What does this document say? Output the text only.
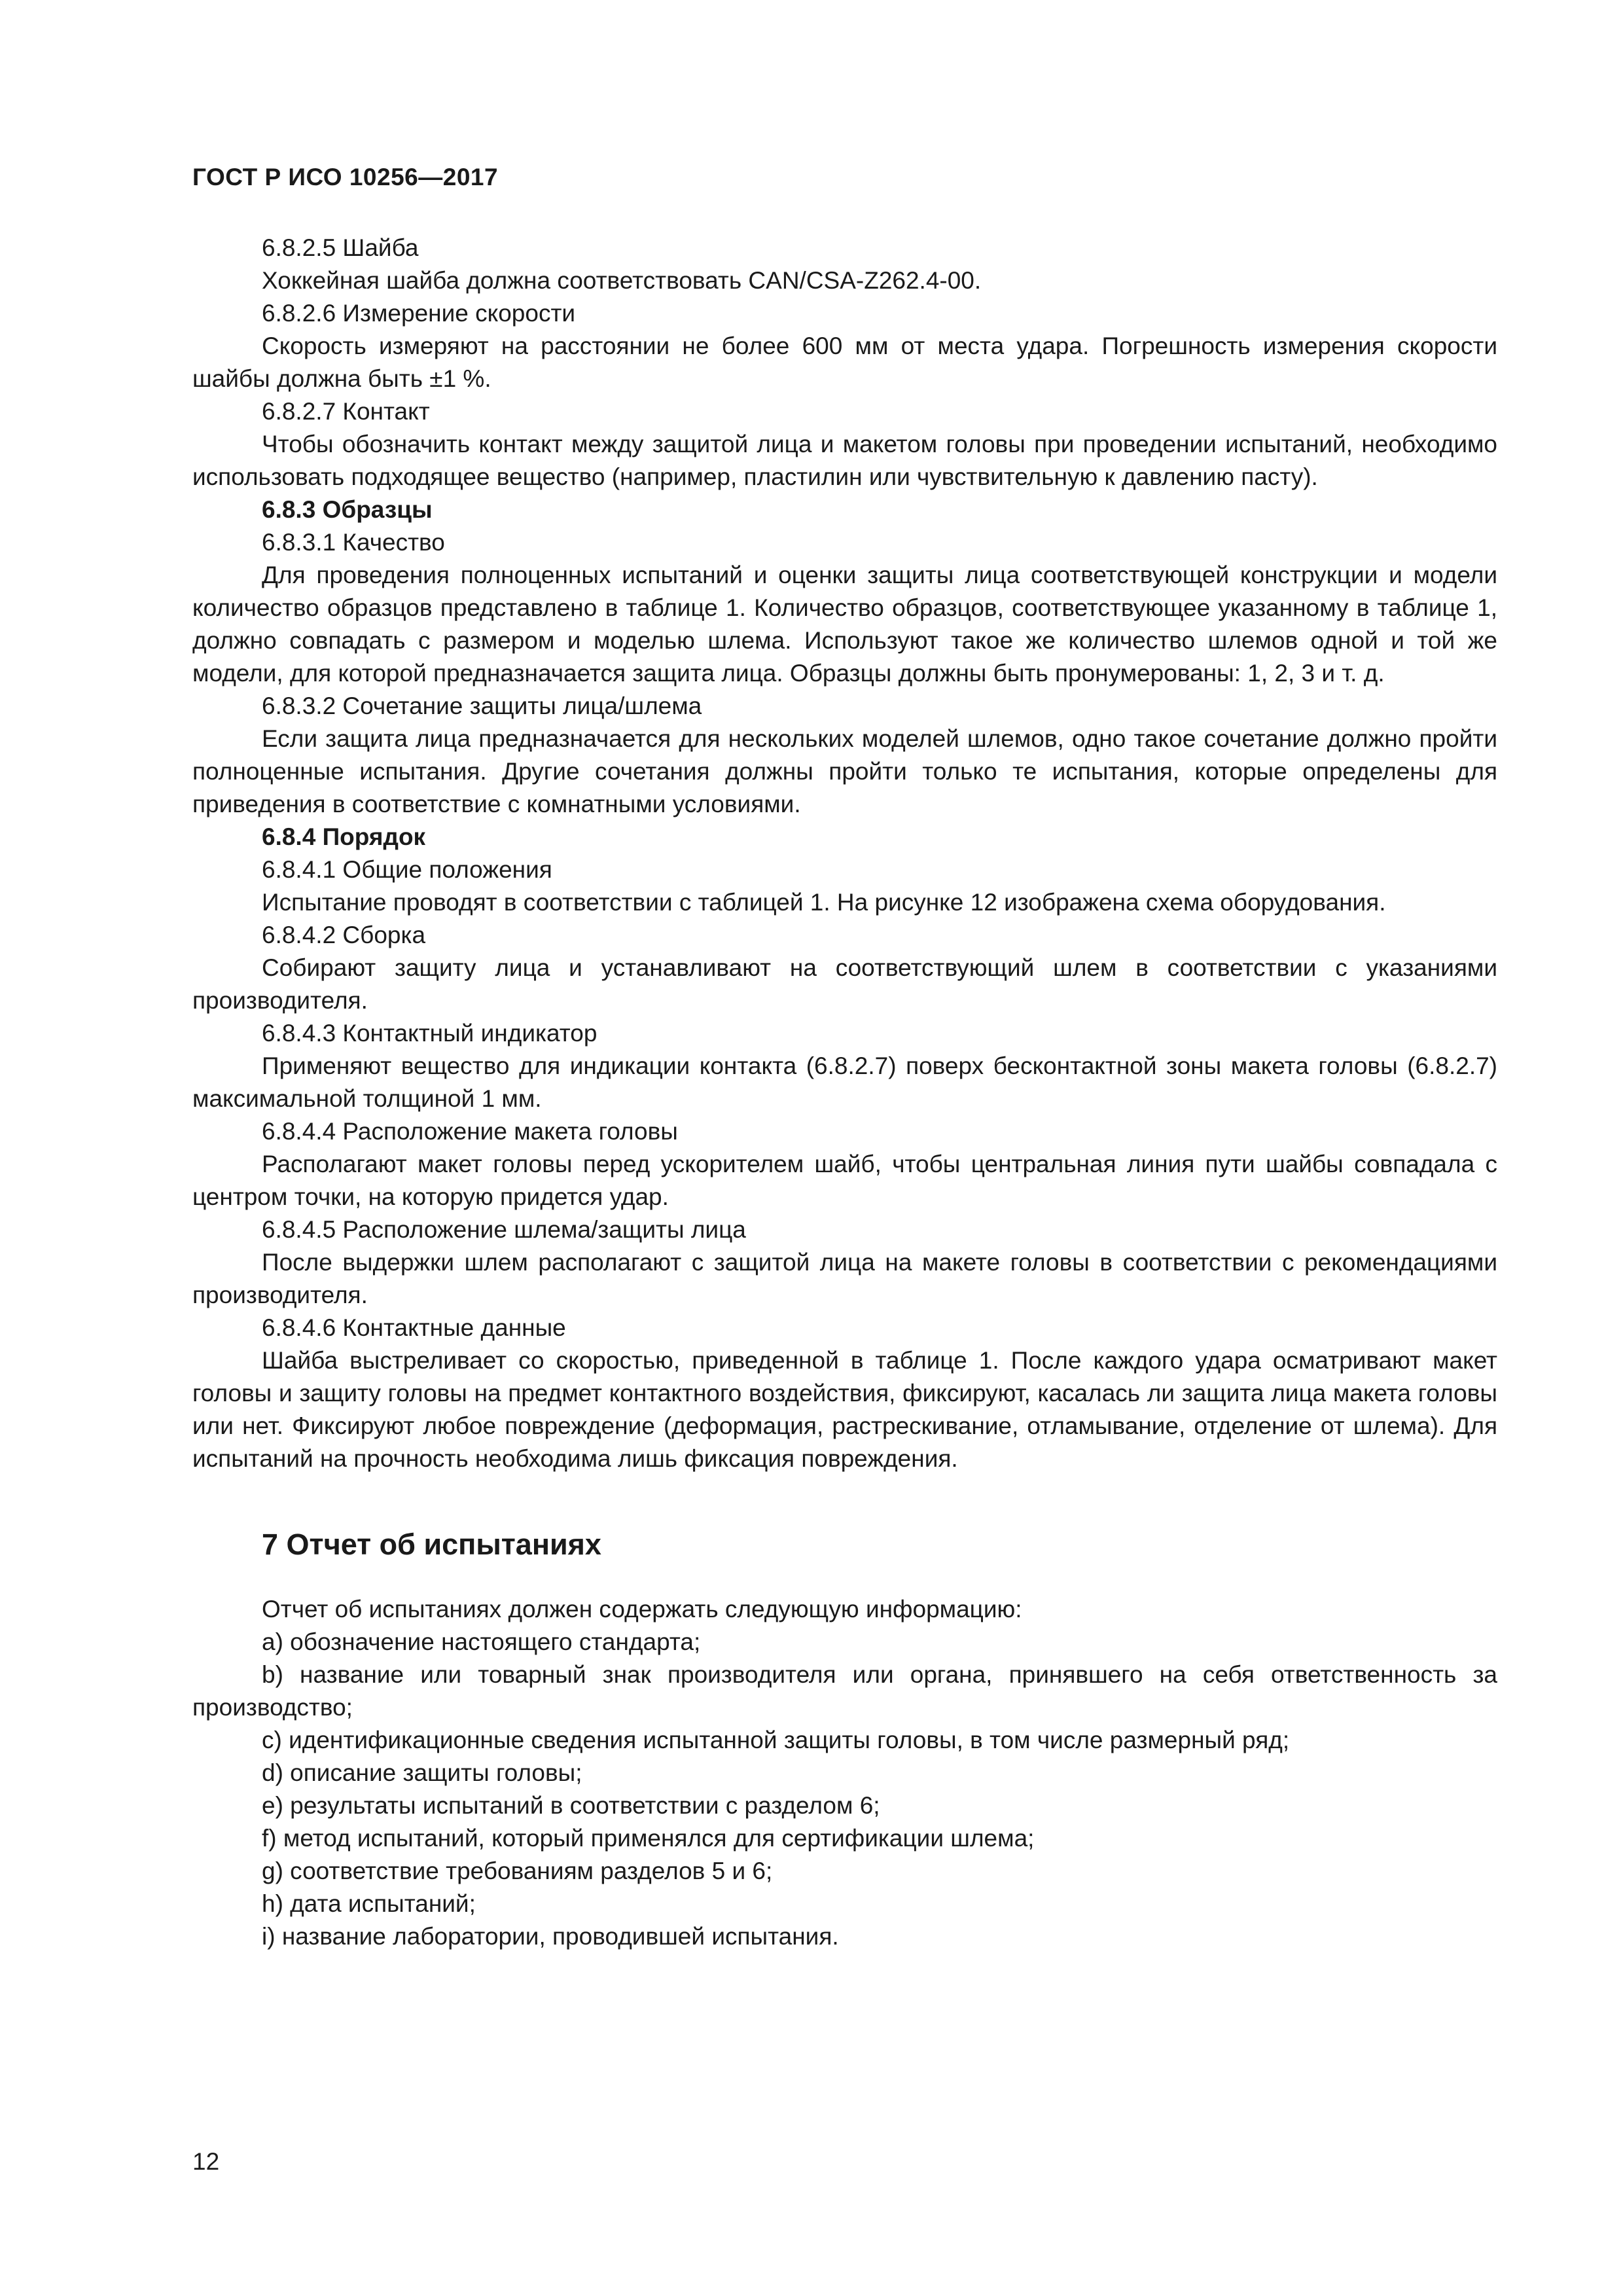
ГОСТ Р ИСО 10256—2017

6.8.2.5 Шайба

Хоккейная шайба должна соответствовать CAN/CSA-Z262.4-00.

6.8.2.6 Измерение скорости

Скорость измеряют на расстоянии не более 600 мм от места удара. Погрешность измерения скорости шайбы должна быть ±1 %.

6.8.2.7 Контакт

Чтобы обозначить контакт между защитой лица и макетом головы при проведении испытаний, необходимо использовать подходящее вещество (например, пластилин или чувствительную к давлению пасту).

6.8.3 Образцы

6.8.3.1 Качество

Для проведения полноценных испытаний и оценки защиты лица соответствующей конструкции и модели количество образцов представлено в таблице 1. Количество образцов, соответствующее указанному в таблице 1, должно совпадать с размером и моделью шлема. Используют такое же количество шлемов одной и той же модели, для которой предназначается защита лица. Образцы должны быть пронумерованы: 1, 2, 3 и т. д.

6.8.3.2 Сочетание защиты лица/шлема

Если защита лица предназначается для нескольких моделей шлемов, одно такое сочетание должно пройти полноценные испытания. Другие сочетания должны пройти только те испытания, которые определены для приведения в соответствие с комнатными условиями.

6.8.4 Порядок

6.8.4.1 Общие положения

Испытание проводят в соответствии с таблицей 1. На рисунке 12 изображена схема оборудования.

6.8.4.2 Сборка

Собирают защиту лица и устанавливают на соответствующий шлем в соответствии с указаниями производителя.

6.8.4.3 Контактный индикатор

Применяют вещество для индикации контакта (6.8.2.7) поверх бесконтактной зоны макета головы (6.8.2.7) максимальной толщиной 1 мм.

6.8.4.4 Расположение макета головы

Располагают макет головы перед ускорителем шайб, чтобы центральная линия пути шайбы совпадала с центром точки, на которую придется удар.

6.8.4.5 Расположение шлема/защиты лица

После выдержки шлем располагают с защитой лица на макете головы в соответствии с рекомендациями производителя.

6.8.4.6 Контактные данные

Шайба выстреливает со скоростью, приведенной в таблице 1. После каждого удара осматривают макет головы и защиту головы на предмет контактного воздействия, фиксируют, касалась ли защита лица макета головы или нет. Фиксируют любое повреждение (деформация, растрескивание, отламывание, отделение от шлема). Для испытаний на прочность необходима лишь фиксация повреждения.

7 Отчет об испытаниях

Отчет об испытаниях должен содержать следующую информацию:

a) обозначение настоящего стандарта;

b) название или товарный знак производителя или органа, принявшего на себя ответственность за производство;

c) идентификационные сведения испытанной защиты головы, в том числе размерный ряд;

d) описание защиты головы;

e) результаты испытаний в соответствии с разделом 6;

f) метод испытаний, который применялся для сертификации шлема;

g) соответствие требованиям разделов 5 и 6;

h) дата испытаний;

i) название лаборатории, проводившей испытания.

12
